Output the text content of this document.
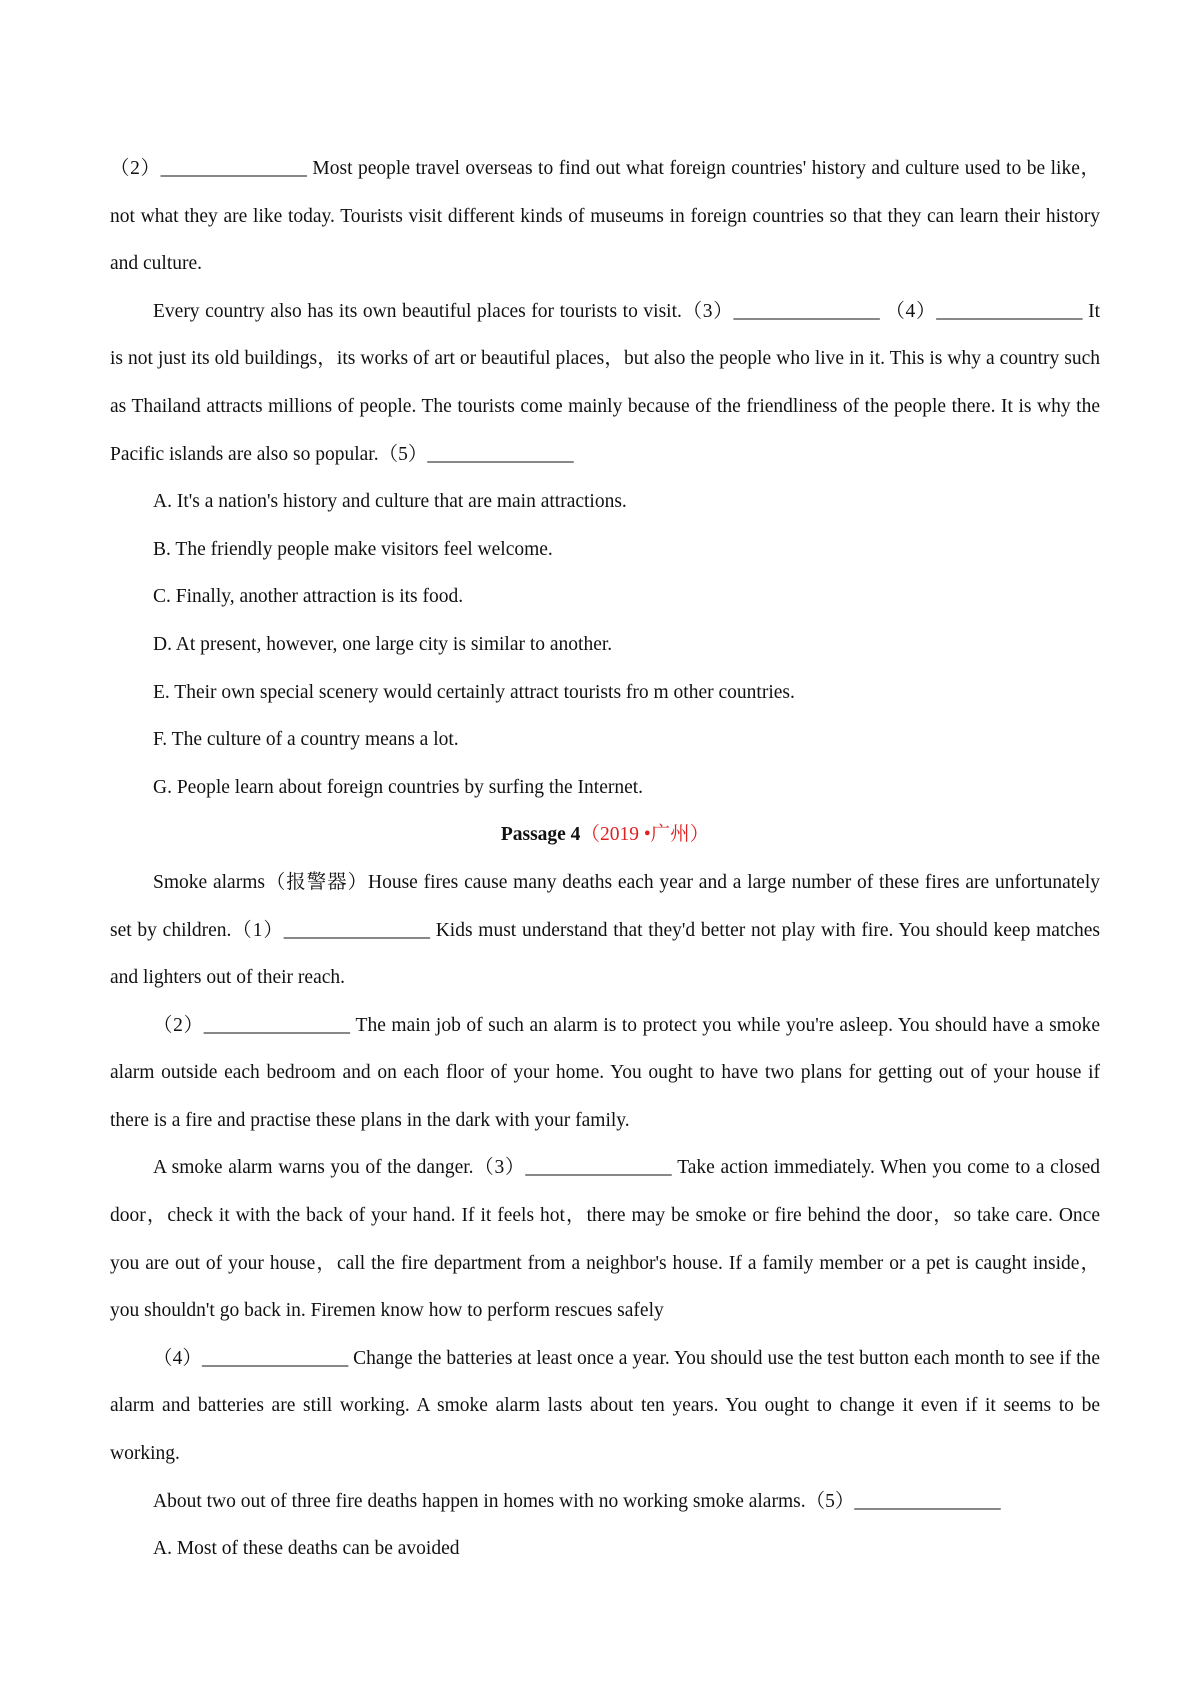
（2）_______________ Most people travel overseas to find out what foreign countries' history and culture used to be like，not what they are like today. Tourists visit different kinds of museums in foreign countries so that they can learn their history and culture.

Every country also has its own beautiful places for tourists to visit.（3）_______________ （4）_______________ It is not just its old buildings，its works of art or beautiful places，but also the people who live in it. This is why a country such as Thailand attracts millions of people. The tourists come mainly because of the friendliness of the people there. It is why the Pacific islands are also so popular.（5）_______________

A. It's a nation's history and culture that are main attractions.

B. The friendly people make visitors feel welcome.

C. Finally, another attraction is its food.

D. At present, however, one large city is similar to another.

E. Their own special scenery would certainly attract tourists fro m other countries.

F. The culture of a country means a lot.

G. People learn about foreign countries by surfing the Internet.

Passage 4（2019 •广州）

Smoke alarms（报警器）House fires cause many deaths each year and a large number of these fires are unfortunately set by children.（1）_______________ Kids must understand that they'd better not play with fire. You should keep matches and lighters out of their reach.

（2）_______________ The main job of such an alarm is to protect you while you're asleep. You should have a smoke alarm outside each bedroom and on each floor of your home. You ought to have two plans for getting out of your house if there is a fire and practise these plans in the dark with your family.

A smoke alarm warns you of the danger.（3）_______________ Take action immediately. When you come to a closed door，check it with the back of your hand. If it feels hot，there may be smoke or fire behind the door，so take care. Once you are out of your house，call the fire department from a neighbor's house. If a family member or a pet is caught inside，you shouldn't go back in. Firemen know how to perform rescues safely

（4）_______________ Change the batteries at least once a year. You should use the test button each month to see if the alarm and batteries are still working. A smoke alarm lasts about ten years. You ought to change it even if it seems to be working.

About two out of three fire deaths happen in homes with no working smoke alarms.（5）_______________

A. Most of these deaths can be avoided
